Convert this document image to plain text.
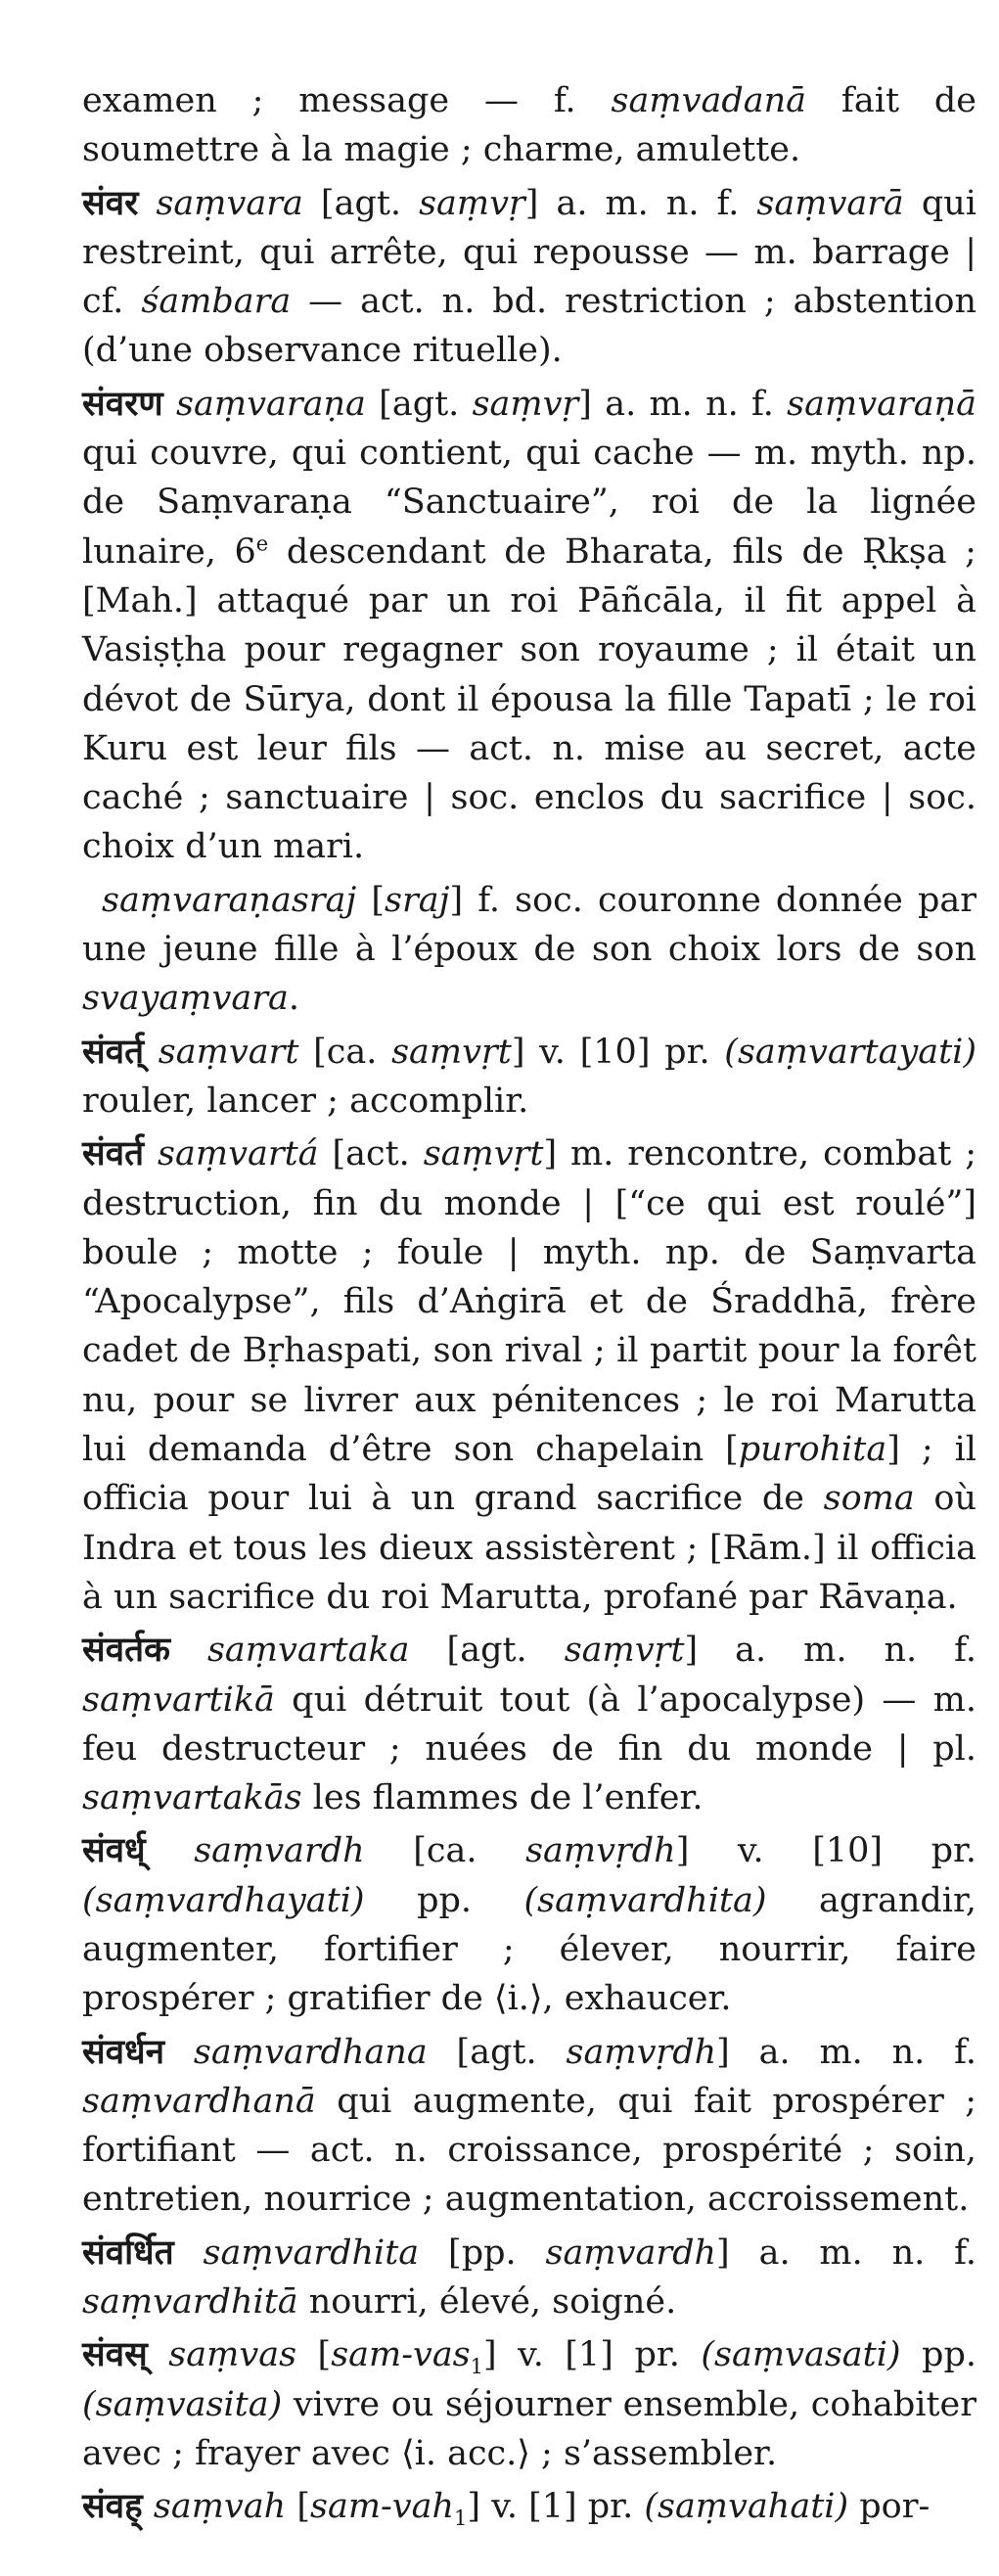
examen ; message — f. saṃvadanā fait de soumettre à la magie ; charme, amulette.

संवर saṃvara [agt. saṃvṛ] a. m. n. f. saṃvarā qui restreint, qui arrête, qui repousse — m. barrage | cf. śambara — act. n. bd. restriction ; abstention (d’une observance rituelle).

संवरण saṃvaraṇa [agt. saṃvṛ] a. m. n. f. saṃvaraṇā qui couvre, qui contient, qui cache — m. myth. np. de Saṃvaraṇa “Sanctuaire”, roi de la lignée lunaire, 6e descendant de Bharata, fils de Ṛkṣa ; [Mah.] attaqué par un roi Pāñcāla, il fit appel à Vasiṣṭha pour regagner son royaume ; il était un dévot de Sūrya, dont il épousa la fille Tapatī ; le roi Kuru est leur fils — act. n. mise au secret, acte caché ; sanctuaire | soc. enclos du sacrifice | soc. choix d’un mari.

saṃvaraṇasraj [sraj] f. soc. couronne donnée par une jeune fille à l’époux de son choix lors de son svayaṃvara.

संवर्त् saṃvart [ca. saṃvṛt] v. [10] pr. (saṃvartayati) rouler, lancer ; accomplir.

संवर्त saṃvartá [act. saṃvṛt] m. rencontre, combat ; destruction, fin du monde | [“ce qui est roulé”] boule ; motte ; foule | myth. np. de Saṃvarta “Apocalypse”, fils d’Aṅgirā et de Śraddhā, frère cadet de Bṛhaspati, son rival ; il partit pour la forêt nu, pour se livrer aux pénitences ; le roi Marutta lui demanda d’être son chapelain [purohita] ; il officia pour lui à un grand sacrifice de soma où Indra et tous les dieux assistèrent ; [Rām.] il officia à un sacrifice du roi Marutta, profané par Rāvaṇa.

संवर्तक saṃvartaka [agt. saṃvṛt] a. m. n. f. saṃvartikā qui détruit tout (à l’apocalypse) — m. feu destructeur ; nuées de fin du monde | pl. saṃvartakās les flammes de l’enfer.

संवर्ध् saṃvardh [ca. saṃvṛdh] v. [10] pr. (saṃvardhayati) pp. (saṃvardhita) agrandir, augmenter, fortifier ; élever, nourrir, faire prospérer ; gratifier de ⟨i.⟩, exhaucer.

संवर्धन saṃvardhana [agt. saṃvṛdh] a. m. n. f. saṃvardhanā qui augmente, qui fait prospérer ; fortifiant — act. n. croissance, prospérité ; soin, entretien, nourrice ; augmentation, accroissement.

संवर्धित saṃvardhita [pp. saṃvardh] a. m. n. f. saṃvardhitā nourri, élevé, soigné.

संवस् saṃvas [sam-vas$_1$] v. [1] pr. (saṃvasati) pp. (saṃvasita) vivre ou séjourner ensemble, cohabiter avec ; frayer avec ⟨i. acc.⟩ ; s’assembler.

संवह् saṃvah [sam-vah$_1$] v. [1] pr. (saṃvahati) por-
